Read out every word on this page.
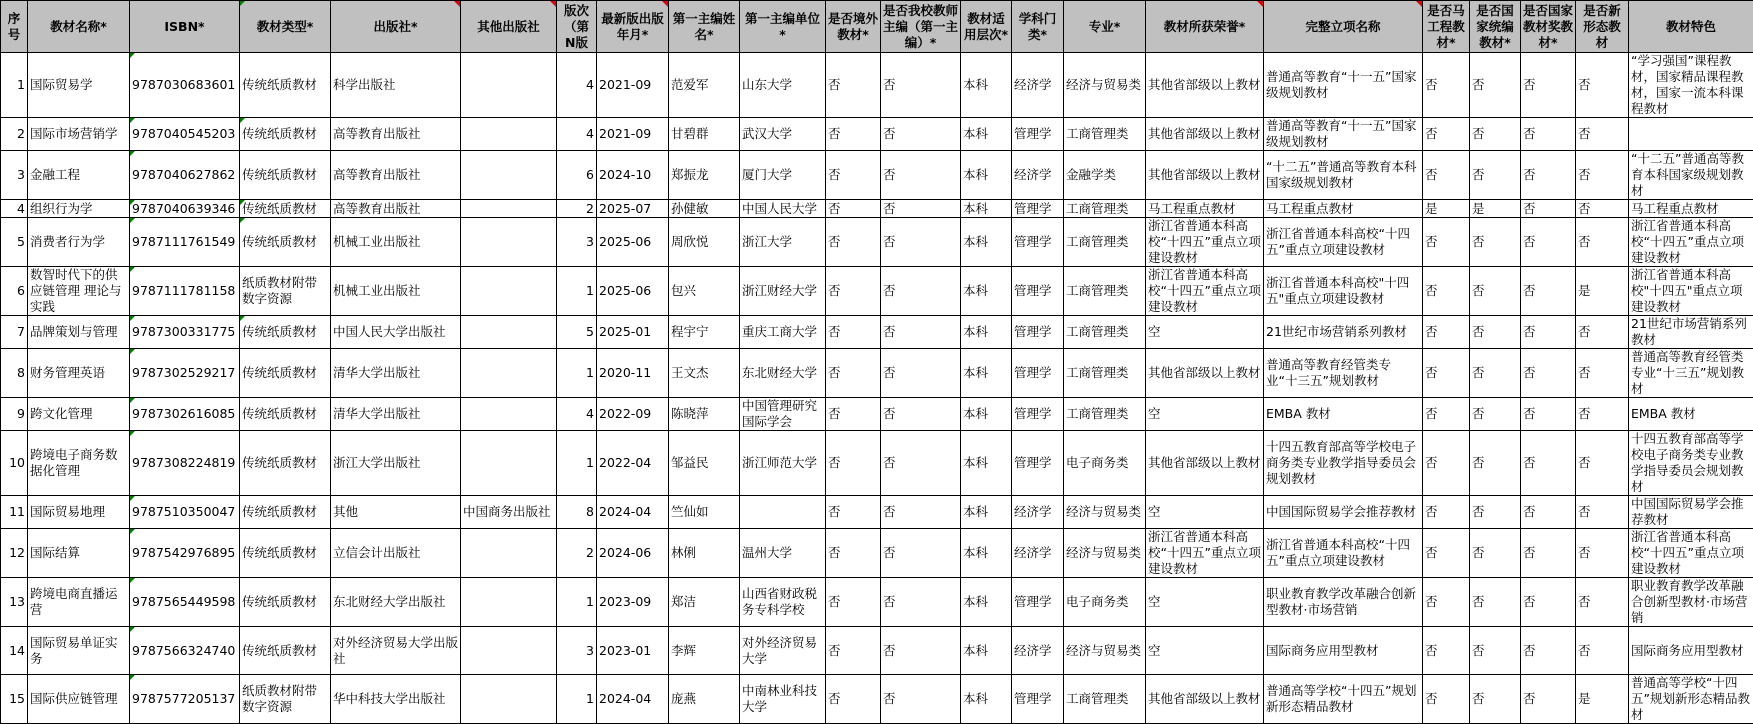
序号	教材名称*	ISBN*	教材类型*	出版社*	其他出版社	版次（第N版	最新版出版年月*	第一主编姓名*	第一主编单位*	是否境外教材*	是否我校教师主编（第一主编）*	教材适用层次*	学科门类*	专业*	教材所获荣誉*	完整立项名称	是否马工程教材*	是否国家统编教材*	是否国家教材奖教材*	是否新形态教材	教材特色
1	国际贸易学	9787030683601	传统纸质教材	科学出版社		4	2021-09	范爱军	山东大学	否	否	本科	经济学	经济与贸易类	其他省部级以上教材	普通高等教育“十一五”国家级规划教材	否	否	否	否	“学习强国”课程教材，国家精品课程教材，国家一流本科课程教材
2	国际市场营销学	9787040545203	传统纸质教材	高等教育出版社		4	2021-09	甘碧群	武汉大学	否	否	本科	管理学	工商管理类	其他省部级以上教材	普通高等教育“十一五”国家级规划教材	否	否	否	否	
3	金融工程	9787040627862	传统纸质教材	高等教育出版社		6	2024-10	郑振龙	厦门大学	否	否	本科	经济学	金融学类	其他省部级以上教材	“十二五”普通高等教育本科国家级规划教材	否	否	否	否	“十二五”普通高等教育本科国家级规划教材
4	组织行为学	9787040639346	传统纸质教材	高等教育出版社		2	2025-07	孙健敏	中国人民大学	否	否	本科	管理学	工商管理类	马工程重点教材	马工程重点教材	是	是	否	否	马工程重点教材
5	消费者行为学	9787111761549	传统纸质教材	机械工业出版社		3	2025-06	周欣悦	浙江大学	否	否	本科	管理学	工商管理类	浙江省普通本科高校“十四五”重点立项建设教材	浙江省普通本科高校“十四五”重点立项建设教材	否	否	否	否	浙江省普通本科高校“十四五”重点立项建设教材
6	数智时代下的供应链管理 理论与实践	9787111781158	纸质教材附带数字资源	机械工业出版社		1	2025-06	包兴	浙江财经大学	否	否	本科	管理学	工商管理类	浙江省普通本科高校“十四五”重点立项建设教材	浙江省普通本科高校"十四五"重点立项建设教材	否	否	否	是	浙江省普通本科高校"十四五"重点立项建设教材
7	品牌策划与管理	9787300331775	传统纸质教材	中国人民大学出版社		5	2025-01	程宇宁	重庆工商大学	否	否	本科	管理学	工商管理类	空	21世纪市场营销系列教材	否	否	否	否	21世纪市场营销系列教材
8	财务管理英语	9787302529217	传统纸质教材	清华大学出版社		1	2020-11	王文杰	东北财经大学	否	否	本科	管理学	工商管理类	其他省部级以上教材	普通高等教育经管类专业“十三五”规划教材	否	否	否	否	普通高等教育经管类专业“十三五”规划教材
9	跨文化管理	9787302616085	传统纸质教材	清华大学出版社		4	2022-09	陈晓萍	中国管理研究国际学会	否	否	本科	管理学	工商管理类	空	EMBA 教材	否	否	否	否	EMBA 教材
10	跨境电子商务数据化管理	9787308224819	传统纸质教材	浙江大学出版社		1	2022-04	邹益民	浙江师范大学	否	否	本科	管理学	电子商务类	其他省部级以上教材	十四五教育部高等学校电子商务类专业教学指导委员会规划教材	否	否	否	否	十四五教育部高等学校电子商务类专业教学指导委员会规划教材
11	国际贸易地理	9787510350047	传统纸质教材	其他	中国商务出版社	8	2024-04	竺仙如		否	否	本科	经济学	经济与贸易类	空	中国国际贸易学会推荐教材	否	否	否	否	中国国际贸易学会推荐教材
12	国际结算	9787542976895	传统纸质教材	立信会计出版社		2	2024-06	林俐	温州大学	否	否	本科	经济学	经济与贸易类	浙江省普通本科高校“十四五”重点立项建设教材	浙江省普通本科高校“十四五”重点立项建设教材	否	否	否	否	浙江省普通本科高校“十四五”重点立项建设教材
13	跨境电商直播运营	9787565449598	传统纸质教材	东北财经大学出版社		1	2023-09	郑洁	山西省财政税务专科学校	否	否	本科	管理学	电子商务类	空	职业教育教学改革融合创新型教材·市场营销	否	否	否	否	职业教育教学改革融合创新型教材·市场营销
14	国际贸易单证实务	9787566324740	传统纸质教材	对外经济贸易大学出版社		3	2023-01	李辉	对外经济贸易大学	否	否	本科	经济学	经济与贸易类	空	国际商务应用型教材	否	否	否	否	国际商务应用型教材
15	国际供应链管理	9787577205137	纸质教材附带数字资源	华中科技大学出版社		1	2024-04	庞燕	中南林业科技大学	否	否	本科	管理学	工商管理类	其他省部级以上教材	普通高等学校“十四五”规划新形态精品教材	否	否	否	是	普通高等学校“十四五”规划新形态精品教材
